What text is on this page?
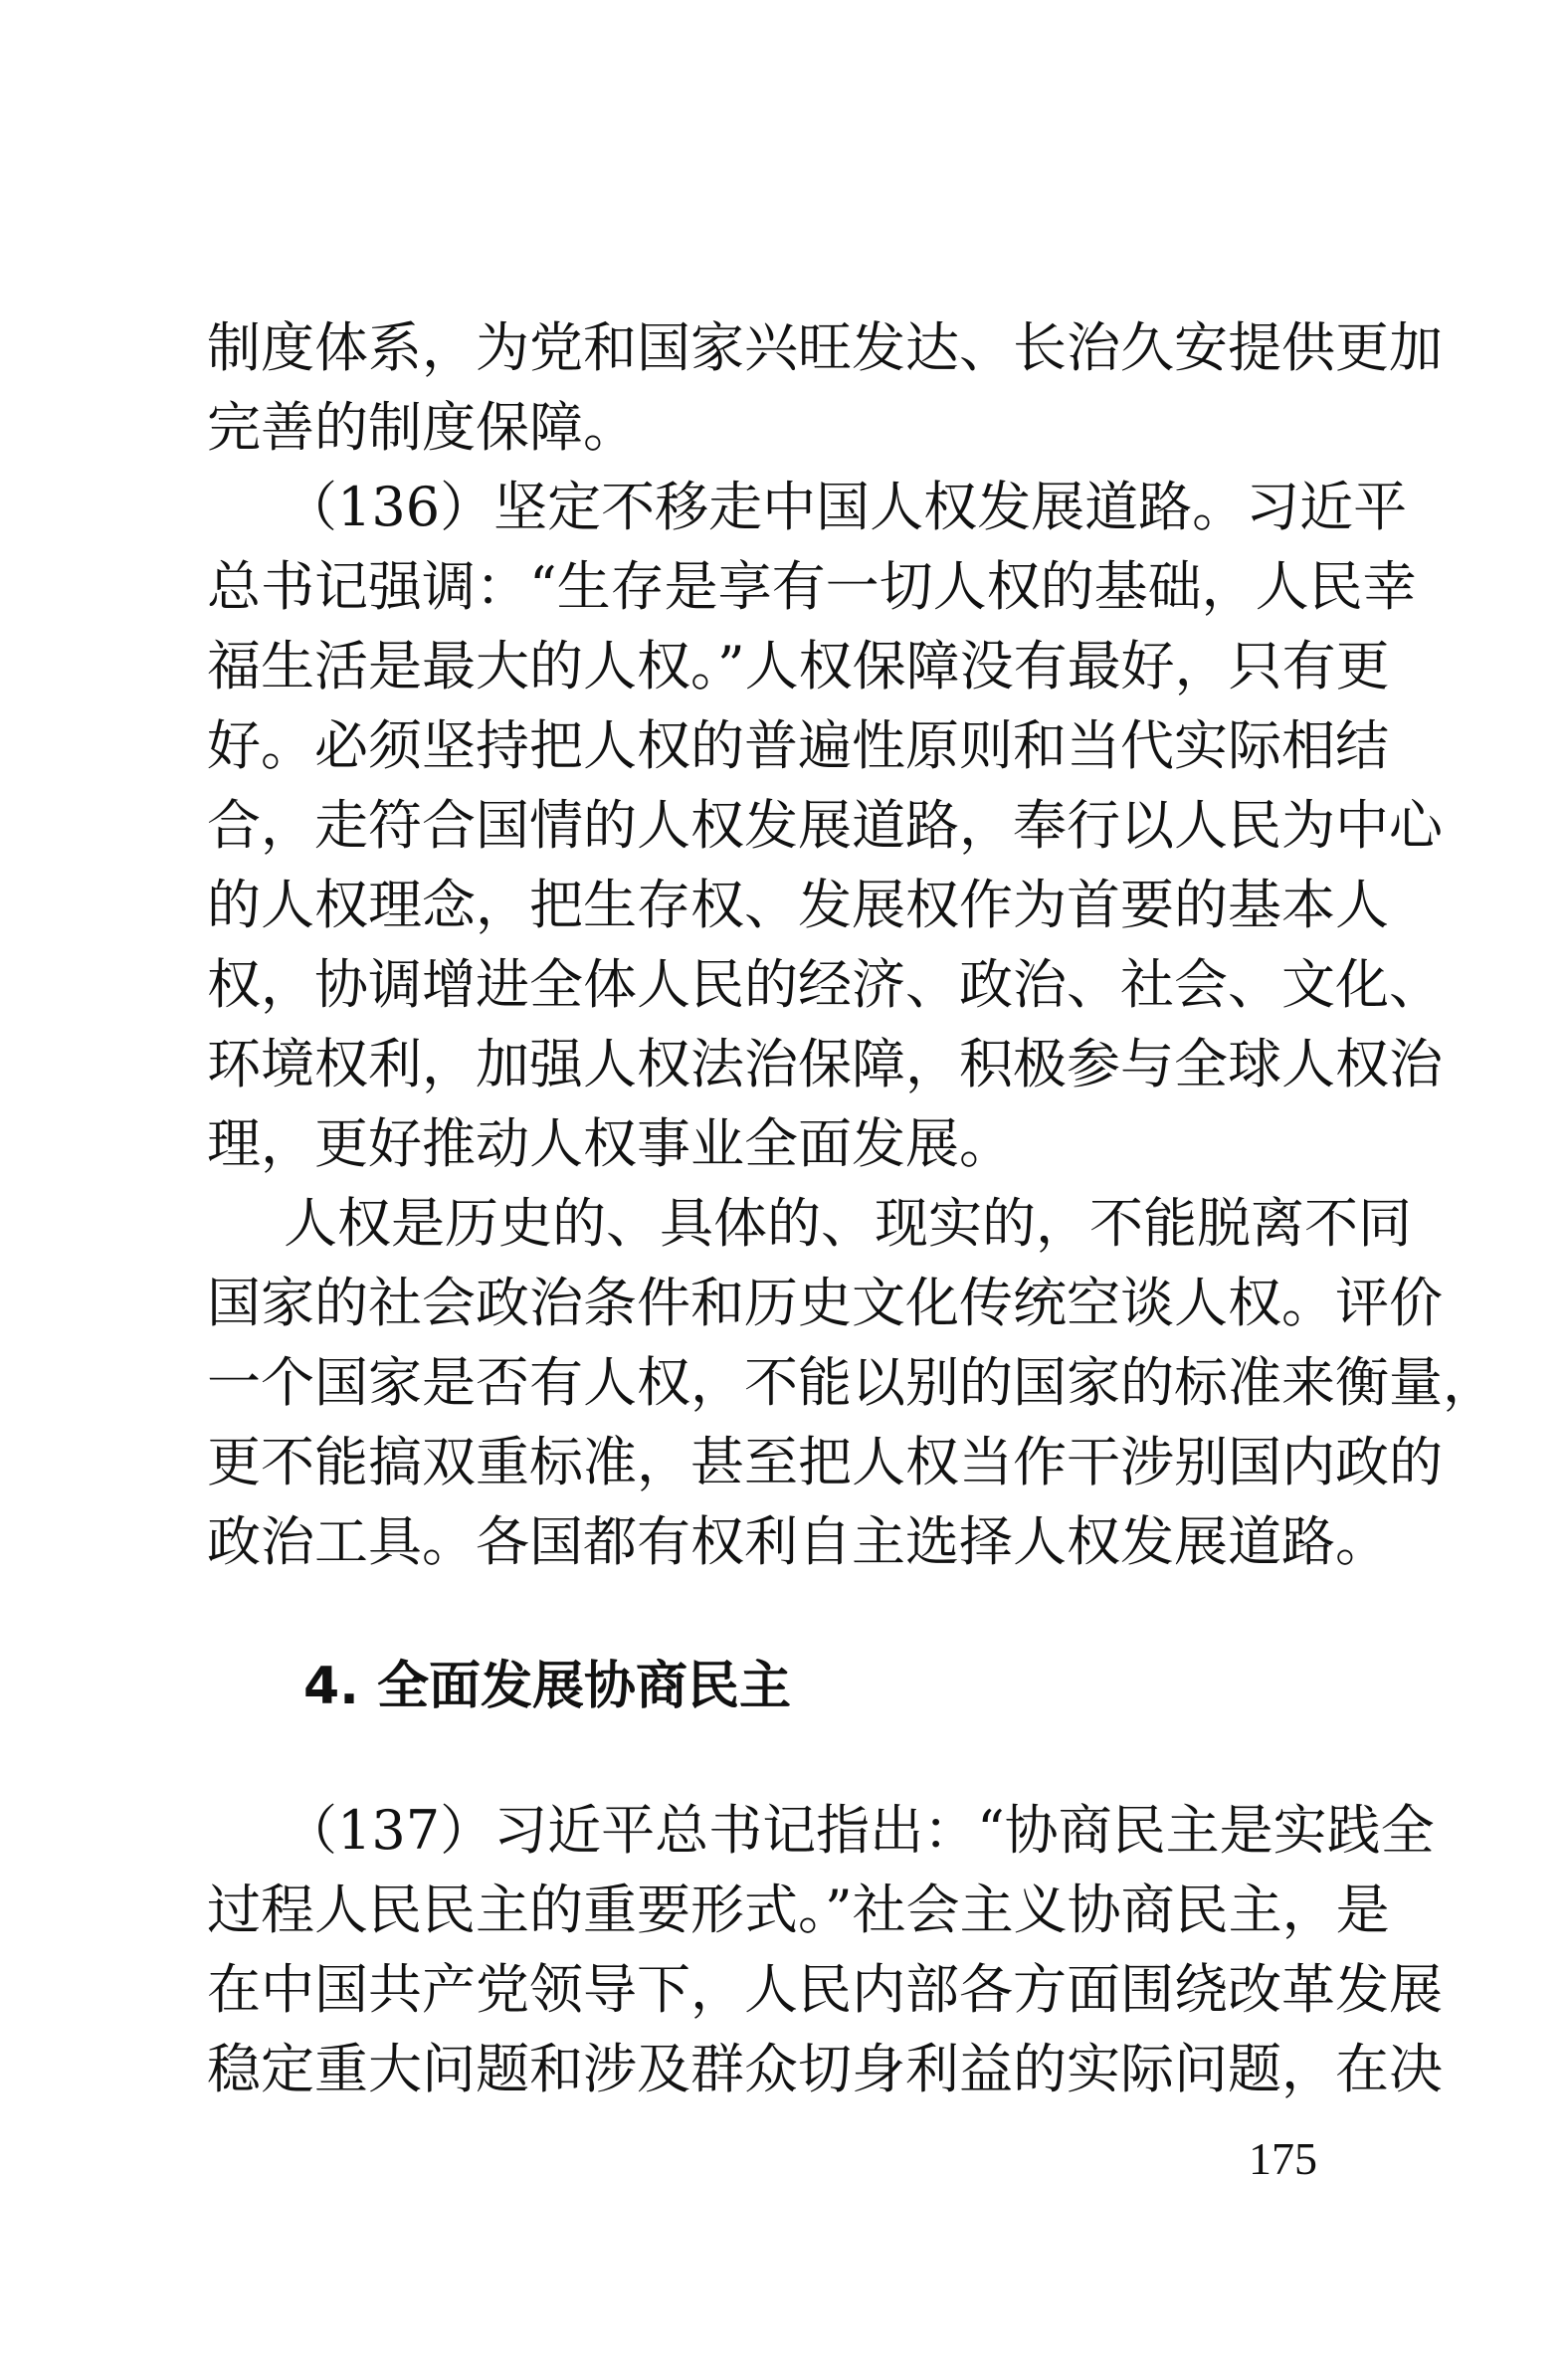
制度体系，为党和国家兴旺发达、长治久安提供更加
完善的制度保障。
（136）坚定不移走中国人权发展道路。习近平
总书记强调：“生存是享有一切人权的基础，人民幸
福生活是最大的人权。”人权保障没有最好，只有更
好。必须坚持把人权的普遍性原则和当代实际相结
合，走符合国情的人权发展道路，奉行以人民为中心
的人权理念，把生存权、发展权作为首要的基本人
权，协调增进全体人民的经济、政治、社会、文化、
环境权利，加强人权法治保障，积极参与全球人权治
理，更好推动人权事业全面发展。
人权是历史的、具体的、现实的，不能脱离不同
国家的社会政治条件和历史文化传统空谈人权。评价
一个国家是否有人权，不能以别的国家的标准来衡量，
更不能搞双重标准，甚至把人权当作干涉别国内政的
政治工具。各国都有权利自主选择人权发展道路。
4. 全面发展协商民主
（137）习近平总书记指出：“协商民主是实践全
过程人民民主的重要形式。”社会主义协商民主，是
在中国共产党领导下，人民内部各方面围绕改革发展
稳定重大问题和涉及群众切身利益的实际问题，在决
175
